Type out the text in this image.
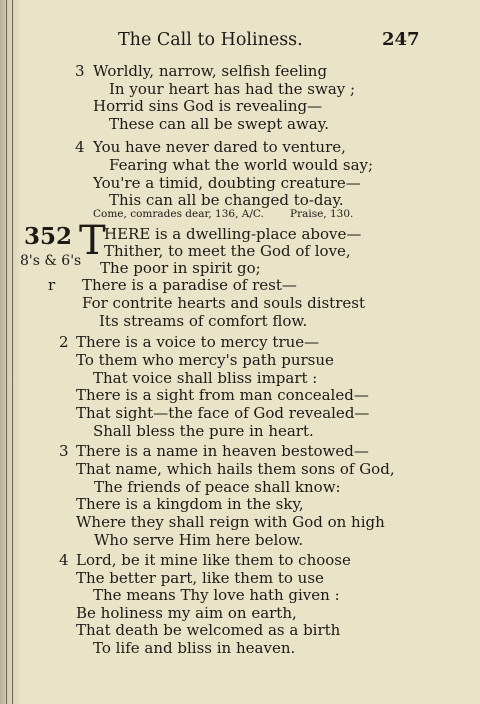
The Call to Holiness.	247
3 Worldly, narrow, selfish feeling
In your heart has had the sway ;
Horrid sins God is revealing—
These can all be swept away.
4 You have never dared to venture,
Fearing what the world would say;
You're a timid, doubting creature—
This can all be changed to-day.
Come, comrades dear, 136, A/C. Praise, 130.
352 T
HERE is a dwelling-place above—
Thither, to meet the God of love,
8's & 6's The poor in spirit go;
r There is a paradise of rest—
For contrite hearts and souls distrest
Its streams of comfort flow.
2 There is a voice to mercy true—
To them who mercy's path pursue
That voice shall bliss impart :
There is a sight from man concealed—
That sight—the face of God revealed—
Shall bless the pure in heart.
3 There is a name in heaven bestowed—
That name, which hails them sons of God,
The friends of peace shall know:
There is a kingdom in the sky,
Where they shall reign with God on high
Who serve Him here below.
4 Lord, be it mine like them to choose
The better part, like them to use
The means Thy love hath given :
Be holiness my aim on earth,
That death be welcomed as a birth
To life and bliss in heaven.
